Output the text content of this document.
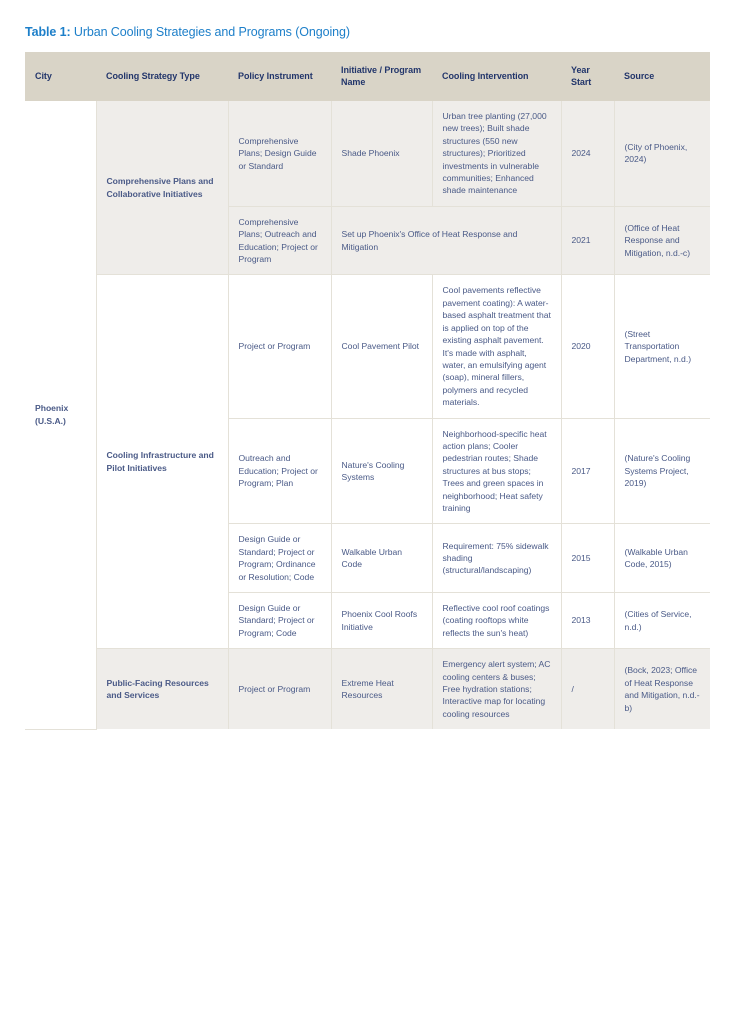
Table 1: Urban Cooling Strategies and Programs (Ongoing)

City	Cooling Strategy Type	Policy Instrument	Initiative / Program Name	Cooling Intervention	Year Start	Source
Phoenix (U.S.A.)	Comprehensive Plans and Collaborative Initiatives	Comprehensive Plans; Design Guide or Standard	Shade Phoenix	Urban tree planting (27,000 new trees); Built shade structures (550 new structures); Prioritized investments in vulnerable communities; Enhanced shade maintenance	2024	(City of Phoenix, 2024)
		Comprehensive Plans; Outreach and Education; Project or Program	Set up Phoenix's Office of Heat Response and Mitigation		2021	(Office of Heat Response and Mitigation, n.d.-c)
	Cooling Infrastructure and Pilot Initiatives	Project or Program	Cool Pavement Pilot	Cool pavements reflective pavement coating): A water-based asphalt treatment that is applied on top of the existing asphalt pavement. It's made with asphalt, water, an emulsifying agent (soap), mineral fillers, polymers and recycled materials.	2020	(Street Transportation Department, n.d.)
		Outreach and Education; Project or Program; Plan	Nature's Cooling Systems	Neighborhood-specific heat action plans; Cooler pedestrian routes; Shade structures at bus stops; Trees and green spaces in neighborhood; Heat safety training	2017	(Nature's Cooling Systems Project, 2019)
		Design Guide or Standard; Project or Program; Ordinance or Resolution; Code	Walkable Urban Code	Requirement: 75% sidewalk shading (structural/landscaping)	2015	(Walkable Urban Code, 2015)
		Design Guide or Standard; Project or Program; Code	Phoenix Cool Roofs Initiative	Reflective cool roof coatings (coating rooftops white reflects the sun's heat)	2013	(Cities of Service, n.d.)
	Public-Facing Resources and Services	Project or Program	Extreme Heat Resources	Emergency alert system; AC cooling centers & buses; Free hydration stations; Interactive map for locating cooling resources	/	(Bock, 2023; Office of Heat Response and Mitigation, n.d.-b)
